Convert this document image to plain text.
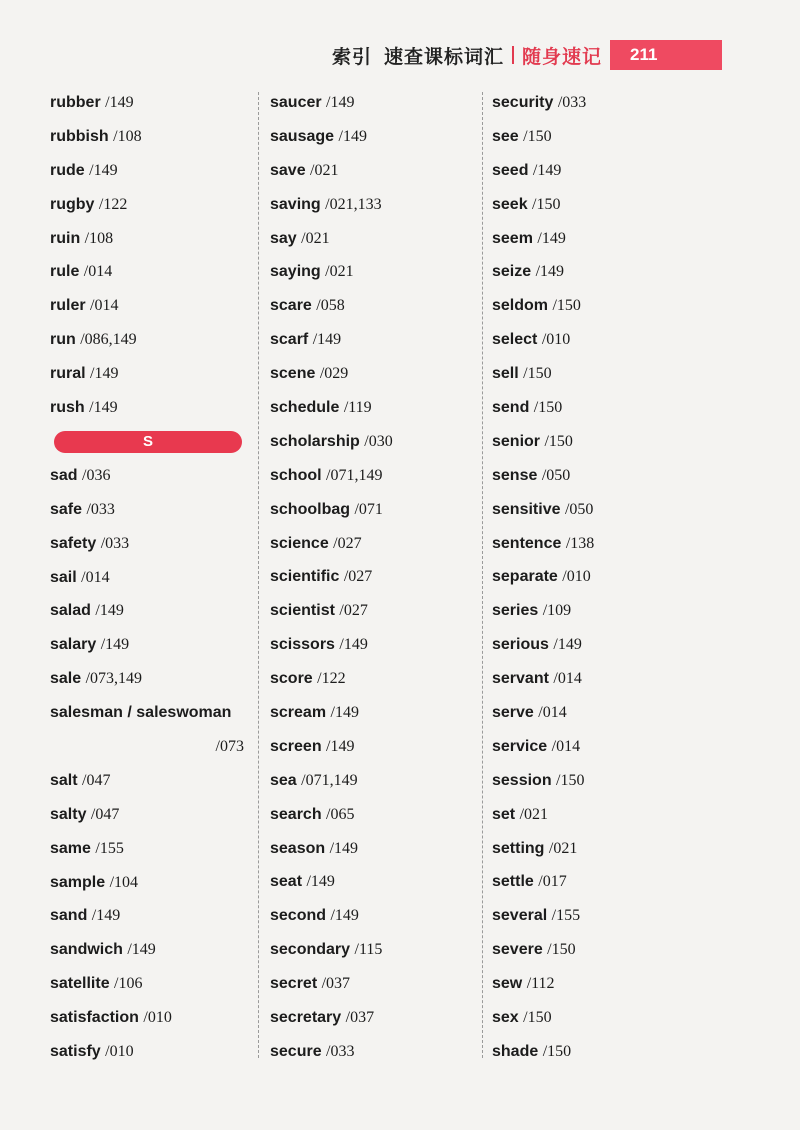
索引 速查课标词汇 随身速记 211
rubber /149
rubbish /108
rude /149
rugby /122
ruin /108
rule /014
ruler /014
run /086,149
rural /149
rush /149
S
sad /036
safe /033
safety /033
sail /014
salad /149
salary /149
sale /073,149
salesman / saleswoman
/073
salt /047
salty /047
same /155
sample /104
sand /149
sandwich /149
satellite /106
satisfaction /010
satisfy /010
saucer /149
sausage /149
save /021
saving /021,133
say /021
saying /021
scare /058
scarf /149
scene /029
schedule /119
scholarship /030
school /071,149
schoolbag /071
science /027
scientific /027
scientist /027
scissors /149
score /122
scream /149
screen /149
sea /071,149
search /065
season /149
seat /149
second /149
secondary /115
secret /037
secretary /037
secure /033
security /033
see /150
seed /149
seek /150
seem /149
seize /149
seldom /150
select /010
sell /150
send /150
senior /150
sense /050
sensitive /050
sentence /138
separate /010
series /109
serious /149
servant /014
serve /014
service /014
session /150
set /021
setting /021
settle /017
several /155
severe /150
sew /112
sex /150
shade /150
